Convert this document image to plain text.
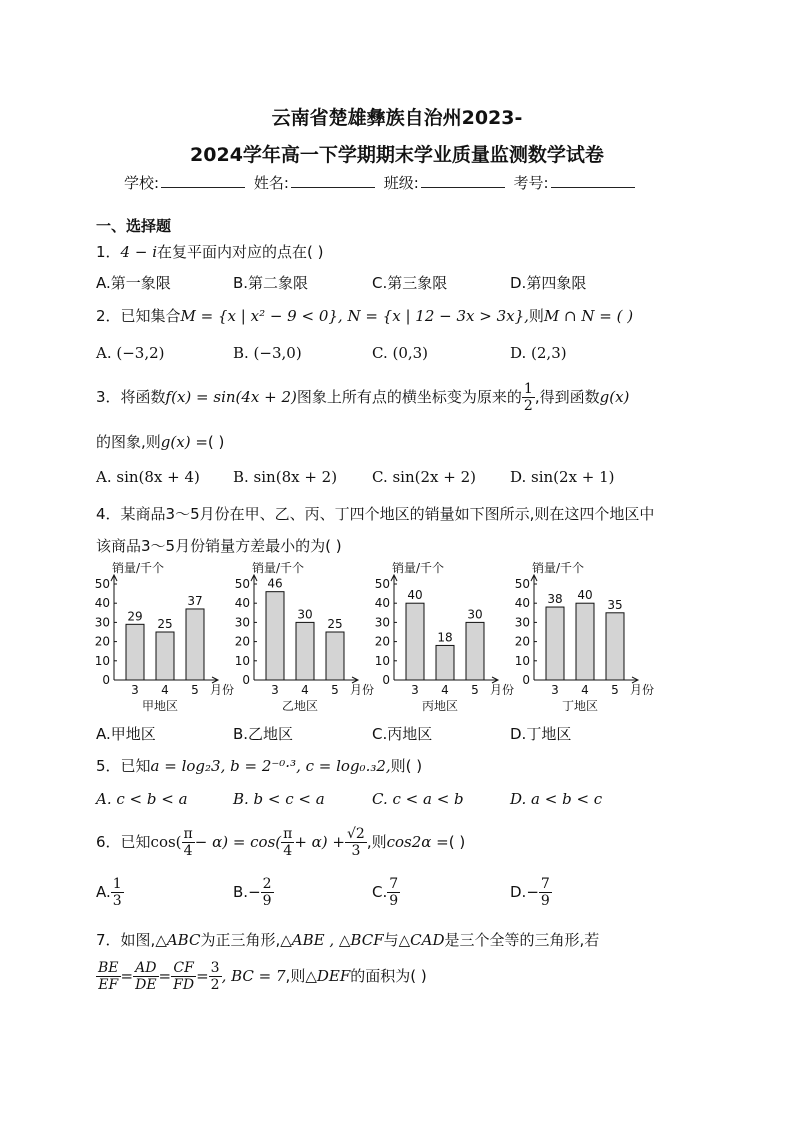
云南省楚雄彝族自治州2023-
2024学年高一下学期期末学业质量监测数学试卷
学校:	姓名:	班级:	考号:
一、选择题
1．4 − i在复平面内对应的点在( )
A.第一象限	B.第二象限	C.第三象限	D.第四象限
2．已知集合M = {x | x² − 9 < 0}, N = {x | 12 − 3x > 3x},则M ∩ N = ( )
A. (−3,2)	B. (−3,0)	C. (0,3)	D. (2,3)
3．将函数f(x) = sin(4x + 2)图象上所有点的横坐标变为原来的 $\frac{1}{2}$ ,得到函数g(x)
的图象,则g(x) =( )
A. sin(8x + 4) B. sin(8x + 2) C. sin(2x + 2) D. sin(2x + 1)
4．某商品3～5月份在甲、乙、丙、丁四个地区的销量如下图所示,则在这四个地区中
该商品3～5月份销量方差最小的为( )
销量/千个
0
10
20
30
40
50
29
3
25
4
37
5 月份
甲地区
销量/千个
0
10
20
30
40
50 46
3
30
4
25
5 月份
乙地区
销量/千个
0
10
20
30
40
50
40
3
18
4
30
5 月份
丙地区
销量/千个
0
10
20
30
40
50
38
3
40
4
35
5 月份
丁地区
A.甲地区	B.乙地区	C.丙地区	D.丁地区
5．已知a = log₂3, b = 2⁻⁰·³, c = log₀.₃2,则( )
A. c < b < a	B. b < c < a	C. c < a < b	D. a < b < c
6．已知$\cos( \frac{\pi}{4} - \alpha) = \cos( \frac{\pi}{4} + \alpha) + \frac{√2}{3}$ ,则cos2α =( )
A. $\frac{1}{3}$	$B.- \frac{2}{9}$	C. $\frac{7}{9}$	$D.- \frac{7}{9}$
7．如图,△ABC为正三角形,△ABE , △BCF与△CAD是三个全等的三角形,若
$\frac{BE}{EF} = \frac{AD}{DE} = \frac{CF}{FD} = \frac{3}{2}$ , BC = 7,则△DEF的面积为( )
